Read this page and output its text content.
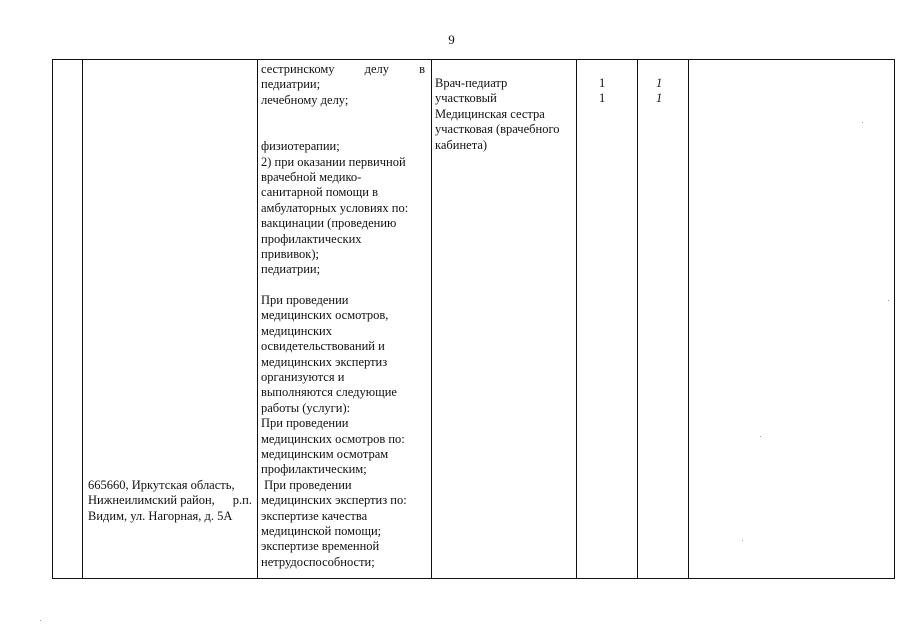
9
665660, Иркутская область,
Нижнеилимский район, р.п.
Видим, ул. Нагорная, д. 5А
сестринскому делу в
педиатрии;
лечебному делу;
физиотерапии;
2) при оказании первичной
врачебной медико-
санитарной помощи в
амбулаторных условиях по:
вакцинации (проведению
профилактических
прививок);
педиатрии;
При проведении
медицинских осмотров,
медицинских
освидетельствований и
медицинских экспертиз
организуются и
выполняются следующие
работы (услуги):
При проведении
медицинских осмотров по:
медицинским осмотрам
профилактическим;
При проведении
медицинских экспертиз по:
экспертизе качества
медицинской помощи;
экспертизе временной
нетрудоспособности;
Врач-педиатр
участковый
Медицинская сестра
участковая (врачебного
кабинета)
1
1
1
1
